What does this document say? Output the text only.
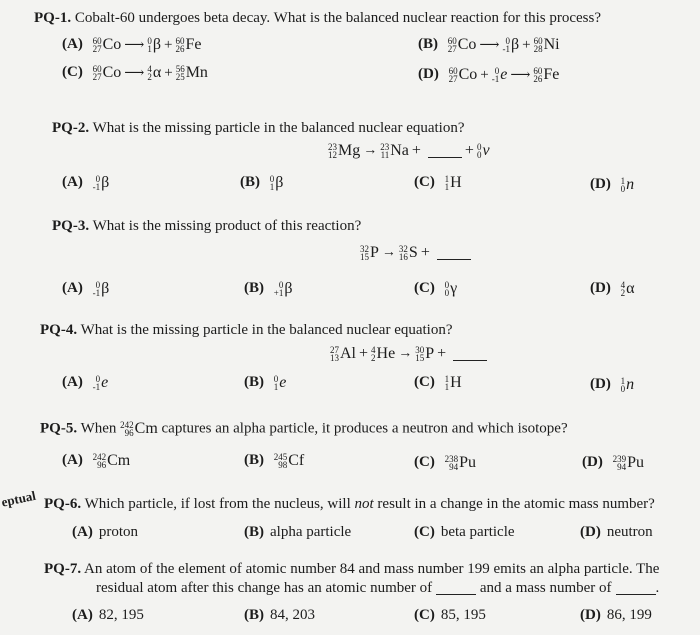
PQ-1. Cobalt-60 undergoes beta decay. What is the balanced nuclear reaction for this process?
(A) 60
27 Co ⟶ 0
1 β + 60
26 Fe	(B) 60
27 Co ⟶ 0
-1 β + 60
28 Ni
(C) 60
27 Co ⟶ 4
2 α + 56
25 Mn	(D) 60
27 Co + 0
-1 e ⟶ 60
26 Fe
PQ-2. What is the missing particle in the balanced nuclear equation?
23
12 Mg → 23
11 Na +	+ 0
0 v
(A) 0
-1 β	(B) 0
1 β	(C) 1
1 H	(D) 1
0 n
PQ-3. What is the missing product of this reaction?
32
15 P → 32
16 S +
(A) 0
-1 β	(B) 0
+1 β	(C) 0
0 γ	(D) 4
2 α
PQ-4. What is the missing particle in the balanced nuclear equation?
27
13 Al + 4
2 He → 30
15 P +
(A) 0
-1 e	(B) 0
1 e	(C) 1
1 H	(D) 1
0 n
PQ-5. When 242
96 Cm captures an alpha particle, it produces a neutron and which isotope?
(A) 242
96 Cm	(B) 245
98 Cf	(C) 238
94 Pu	(D) 239
94 Pu
eptual PQ-6. Which particle, if lost from the nucleus, will not result in a change in the atomic mass number?
(A) proton	(B) alpha particle	(C) beta particle	(D) neutron
PQ-7. An atom of the element of atomic number 84 and mass number 199 emits an alpha particle. The
residual atom after this change has an atomic number of	and a mass number of	.
(A) 82, 195	(B) 84, 203	(C) 85, 195	(D) 86, 199
